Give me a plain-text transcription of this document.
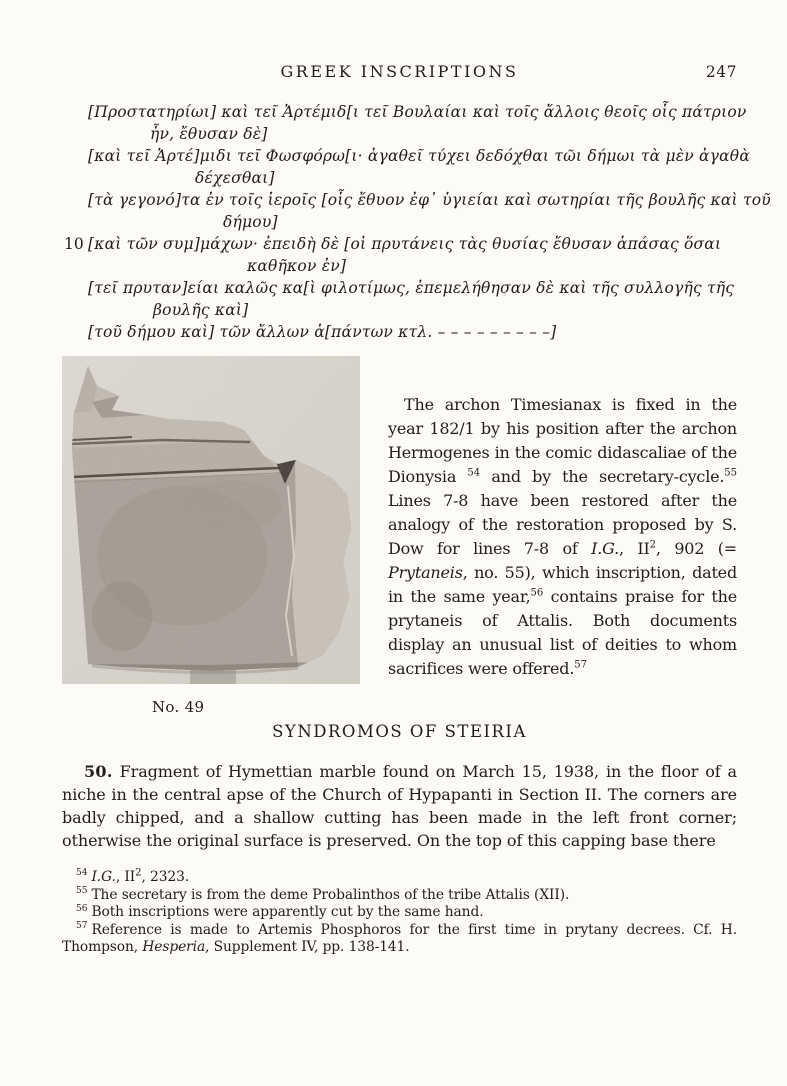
GREEK INSCRIPTIONS	247
[Προστατηρίωι] καὶ τεῖ Ἀρτέμιδ[ι τεῖ Βουλαίαι καὶ τοῖς ἄλλοις θεοῖς οἷς πάτριον
ἦν, ἔθυσαν δὲ]
[καὶ τεῖ Ἀρτέ]μιδι τεῖ Φωσφόρω[ι· ἀγαθεῖ τύχει δεδόχθαι τῶι δήμωι τὰ μὲν ἀγαθὰ
δέχεσθαι]
[τὰ γεγονό]τα ἐν τοῖς ἱεροῖς [οἷς ἔθυον ἐφ᾽ ὑγιείαι καὶ σωτηρίαι τῆς βουλῆς καὶ τοῦ
δήμου]
10 [καὶ τῶν συμ]μάχων· ἐπειδὴ δὲ [οἱ πρυτάνεις τὰς θυσίας ἔθυσαν ἁπάσας ὅσαι
καθῆκον ἐν]
[τεῖ πρυταν]είαι καλῶς κα[ὶ φιλοτίμως, ἐπεμελήθησαν δὲ καὶ τῆς συλλογῆς τῆς
βουλῆς καὶ]
[τοῦ δήμου καὶ] τῶν ἄλλων ἁ[πάντων κτλ. – – – – – – – – –]
No. 49
The archon Timesianax is fixed in the year 182/1 by his position after the archon Hermogenes in the comic didascaliae of the Dionysia $^{54}$ and by the secretary-cycle.$^{55}$ Lines 7-8 have been restored after the analogy of the restoration proposed by S. Dow for lines 7-8 of I.G., $II^2$, 902 (= Prytaneis, no. 55), which inscription, dated in the same year,$^{56}$ contains praise for the prytaneis of Attalis. Both documents display an unusual list of deities to whom sacrifices were offered.$^{57}$
SYNDROMOS OF STEIRIA

50. Fragment of Hymettian marble found on March 15, 1938, in the floor of a niche in the central apse of the Church of Hypapanti in Section II. The corners are badly chipped, and a shallow cutting has been made in the left front corner; otherwise the original surface is preserved. On the top of this capping base there

$^{54}$ I.G., $II^2$, 2323.

$^{55}$ The secretary is from the deme Probalinthos of the tribe Attalis (XII).

$^{56}$ Both inscriptions were apparently cut by the same hand.

$^{57}$ Reference is made to Artemis Phosphoros for the first time in prytany decrees. Cf. H. Thompson, Hesperia, Supplement IV, pp. 138-141.
